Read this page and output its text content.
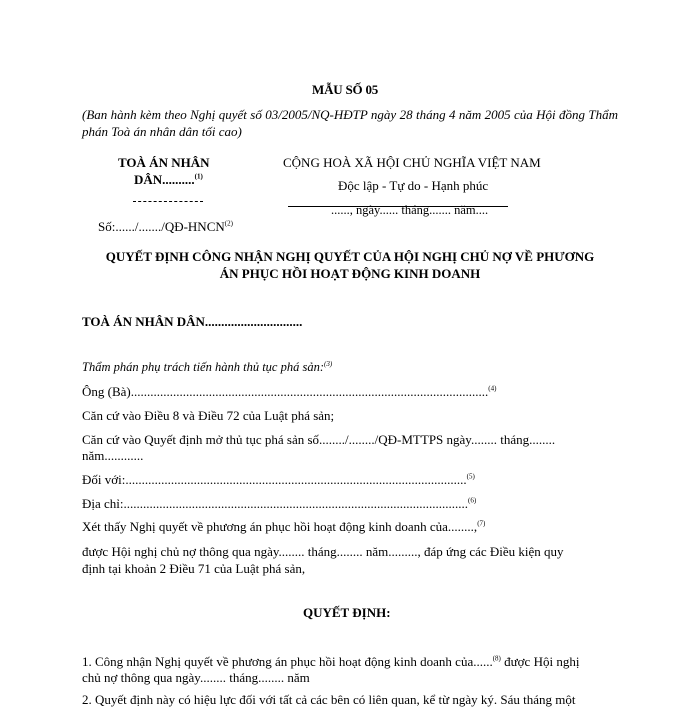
MẪU SỐ 05
(Ban hành kèm theo Nghị quyết số 03/2005/NQ-HĐTP ngày 28 tháng 4 năm 2005 của Hội đồng Thẩm phán Toà án nhân dân tối cao)
TOÀ ÁN NHÂN
DÂN..........$^{(1)}$
Số:....../......./QĐ-HNCN$^{(2)}$
CỘNG HOÀ XÃ HỘI CHỦ NGHĨA VIỆT NAM
Độc lập - Tự do - Hạnh phúc
......, ngày...... tháng....... năm....
QUYẾT ĐỊNH CÔNG NHẬN NGHỊ QUYẾT CỦA HỘI NGHỊ CHỦ NỢ VỀ PHƯƠNG
ÁN PHỤC HỒI HOẠT ĐỘNG KINH DOANH
TOÀ ÁN NHÂN DÂN..............................
Thẩm phán phụ trách tiến hành thủ tục phá sản:$^{(3)}$
Ông (Bà)..............................................................................................................$^{(4)}$
Căn cứ vào Điều 8 và Điều 72 của Luật phá sản;
Căn cứ vào Quyết định mở thủ tục phá sản số......../......../QĐ-MTTPS ngày........ tháng........
năm............
Đối với:.........................................................................................................$^{(5)}$
Địa chỉ:..........................................................................................................$^{(6)}$
Xét thấy Nghị quyết về phương án phục hồi hoạt động kinh doanh của........,$^{(7)}$
được Hội nghị chủ nợ thông qua ngày........ tháng........ năm........., đáp ứng các Điều kiện quy
định tại khoản 2 Điều 71 của Luật phá sản,
QUYẾT ĐỊNH:
1. Công nhận Nghị quyết về phương án phục hồi hoạt động kinh doanh của......$^{(8)}$ được Hội nghị
chủ nợ thông qua ngày........ tháng........ năm
2. Quyết định này có hiệu lực đối với tất cả các bên có liên quan, kể từ ngày ký. Sáu tháng một
